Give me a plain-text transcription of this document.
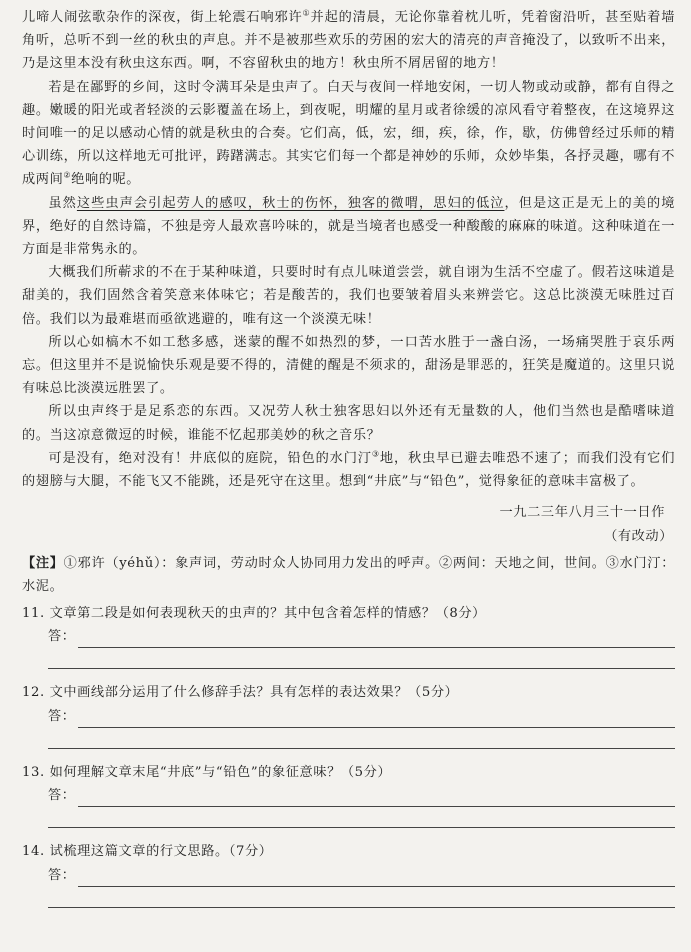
儿啼人闹弦歌杂作的深夜，街上轮震石响邪许①并起的清晨，无论你靠着枕儿听，凭着窗沿听，甚至贴着墙角听，总听不到一丝的秋虫的声息。并不是被那些欢乐的劳困的宏大的清亮的声音掩没了，以致听不出来，乃是这里本没有秋虫这东西。啊，不容留秋虫的地方！秋虫所不屑居留的地方！

若是在鄙野的乡间，这时令满耳朵是虫声了。白天与夜间一样地安闲，一切人物或动或静，都有自得之趣。嫩暖的阳光或者轻淡的云影覆盖在场上，到夜呢，明耀的星月或者徐缓的凉风看守着整夜，在这境界这时间唯一的足以感动心情的就是秋虫的合奏。它们高，低，宏，细，疾，徐，作，歇，仿佛曾经过乐师的精心训练，所以这样地无可批评，踌躇满志。其实它们每一个都是神妙的乐师，众妙毕集，各抒灵趣，哪有不成两间②绝响的呢。

虽然这些虫声会引起劳人的感叹，秋士的伤怀，独客的微喟，思妇的低泣，但是这正是无上的美的境界，绝好的自然诗篇，不独是旁人最欢喜吟味的，就是当境者也感受一种酸酸的麻麻的味道。这种味道在一方面是非常隽永的。

大概我们所蕲求的不在于某种味道，只要时时有点儿味道尝尝，就自诩为生活不空虚了。假若这味道是甜美的，我们固然含着笑意来体味它；若是酸苦的，我们也要皱着眉头来辨尝它。这总比淡漠无味胜过百倍。我们以为最难堪而亟欲逃避的，唯有这一个淡漠无味！

所以心如槁木不如工愁多感，迷蒙的醒不如热烈的梦，一口苦水胜于一盏白汤，一场痛哭胜于哀乐两忘。但这里并不是说愉快乐观是要不得的，清健的醒是不须求的，甜汤是罪恶的，狂笑是魔道的。这里只说有味总比淡漠远胜罢了。

所以虫声终于是足系恋的东西。又况劳人秋士独客思妇以外还有无量数的人，他们当然也是酷嗜味道的。当这凉意微逗的时候，谁能不忆起那美妙的秋之音乐？

可是没有，绝对没有！井底似的庭院，铅色的水门汀③地，秋虫早已避去唯恐不速了；而我们没有它们的翅膀与大腿，不能飞又不能跳，还是死守在这里。想到“井底”与“铅色”，觉得象征的意味丰富极了。

一九二三年八月三十一日作

（有改动）

【注】①邪许（yéhǔ）：象声词，劳动时众人协同用力发出的呼声。②两间：天地之间，世间。③水门汀：水泥。

11. 文章第二段是如何表现秋天的虫声的？其中包含着怎样的情感？（8分）

答：

12. 文中画线部分运用了什么修辞手法？具有怎样的表达效果？（5分）

答：

13. 如何理解文章末尾“井底”与“铅色”的象征意味？（5分）

答：

14. 试梳理这篇文章的行文思路。（7分）

答：
